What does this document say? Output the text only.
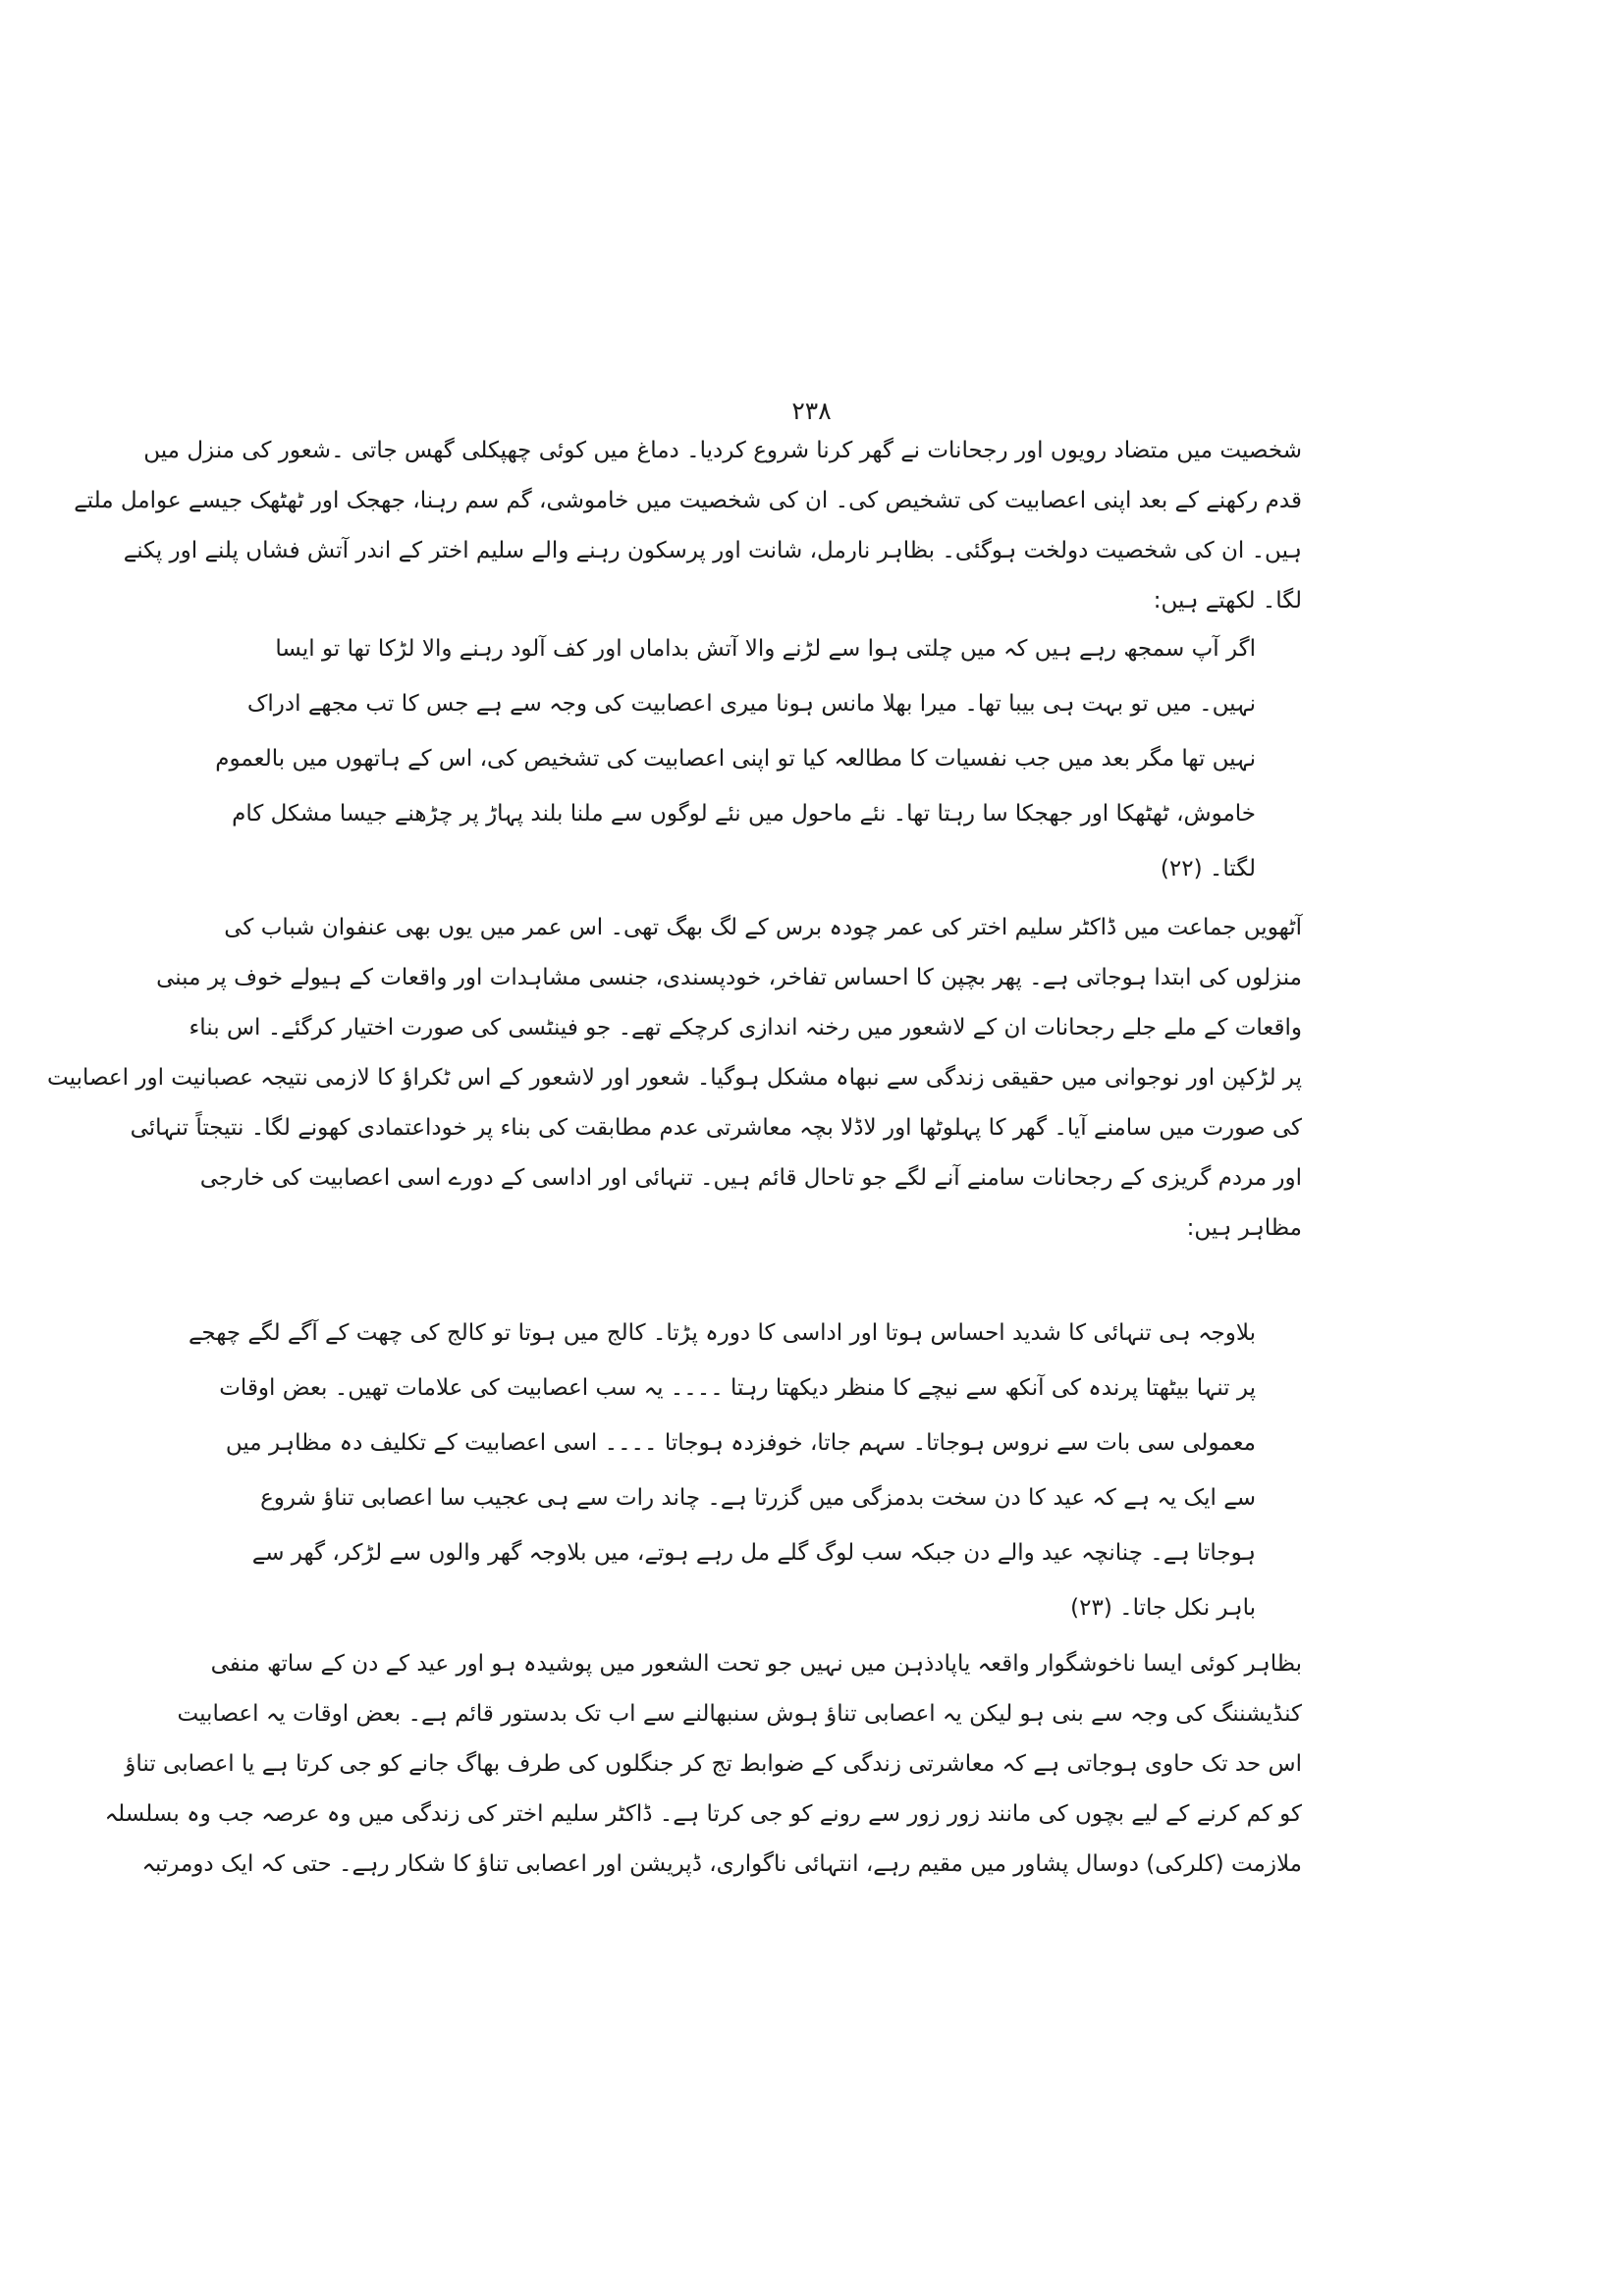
۲۳۸
شخصیت میں متضاد رویوں اور رجحانات نے گھر کرنا شروع کردیا۔ دماغ میں کوئی چھپکلی گھس جاتی ۔شعور کی منزل میں
قدم رکھنے کے بعد اپنی اعصابیت کی تشخیص کی۔ ان کی شخصیت میں خاموشی، گم سم رہنا، جھجک اور ٹھٹھک جیسے عوامل ملتے
ہیں۔ ان کی شخصیت دولخت ہوگئی۔ بظاہر نارمل، شانت اور پرسکون رہنے والے سلیم اختر کے اندر آتش فشاں پلنے اور پکنے
لگا۔ لکھتے ہیں:
اگر آپ سمجھ رہے ہیں کہ میں چلتی ہوا سے لڑنے والا آتش بداماں اور کف آلود رہنے والا لڑکا تھا تو ایسا
نہیں۔ میں تو بہت ہی بیبا تھا۔ میرا بھلا مانس ہونا میری اعصابیت کی وجہ سے ہے جس کا تب مجھے ادراک
نہیں تھا مگر بعد میں جب نفسیات کا مطالعہ کیا تو اپنی اعصابیت کی تشخیص کی، اس کے ہاتھوں میں بالعموم
خاموش، ٹھٹھکا اور جھجکا سا رہتا تھا۔ نئے ماحول میں نئے لوگوں سے ملنا بلند پہاڑ پر چڑھنے جیسا مشکل کام
لگتا۔ (۲۲)
آٹھویں جماعت میں ڈاکٹر سلیم اختر کی عمر چودہ برس کے لگ بھگ تھی۔ اس عمر میں یوں بھی عنفوان شباب کی
منزلوں کی ابتدا ہوجاتی ہے۔ پھر بچپن کا احساس تفاخر، خودپسندی، جنسی مشاہدات اور واقعات کے ہیولے خوف پر مبنی
واقعات کے ملے جلے رجحانات ان کے لاشعور میں رخنہ اندازی کرچکے تھے۔ جو فینٹسی کی صورت اختیار کرگئے۔ اس بناء
پر لڑکپن اور نوجوانی میں حقیقی زندگی سے نبھاہ مشکل ہوگیا۔ شعور اور لاشعور کے اس ٹکراؤ کا لازمی نتیجہ عصبانیت اور اعصابیت
کی صورت میں سامنے آیا۔ گھر کا پہلوٹھا اور لاڈلا بچہ معاشرتی عدم مطابقت کی بناء پر خوداعتمادی کھونے لگا۔ نتیجتاً تنہائی
اور مردم گریزی کے رجحانات سامنے آنے لگے جو تاحال قائم ہیں۔ تنہائی اور اداسی کے دورے اسی اعصابیت کی خارجی
مظاہر ہیں:
بلاوجہ ہی تنہائی کا شدید احساس ہوتا اور اداسی کا دورہ پڑتا۔ کالج میں ہوتا تو کالج کی چھت کے آگے لگے چھجے
پر تنہا بیٹھتا پرندہ کی آنکھ سے نیچے کا منظر دیکھتا رہتا ۔۔۔۔ یہ سب اعصابیت کی علامات تھیں۔ بعض اوقات
معمولی سی بات سے نروس ہوجاتا۔ سہم جاتا، خوفزدہ ہوجاتا ۔۔۔۔ اسی اعصابیت کے تکلیف دہ مظاہر میں
سے ایک یہ ہے کہ عید کا دن سخت بدمزگی میں گزرتا ہے۔ چاند رات سے ہی عجیب سا اعصابی تناؤ شروع
ہوجاتا ہے۔ چنانچہ عید والے دن جبکہ سب لوگ گلے مل رہے ہوتے، میں بلاوجہ گھر والوں سے لڑکر، گھر سے
باہر نکل جاتا۔ (۲۳)
بظاہر کوئی ایسا ناخوشگوار واقعہ یاپادذہن میں نہیں جو تحت الشعور میں پوشیدہ ہو اور عید کے دن کے ساتھ منفی
کنڈیشننگ کی وجہ سے بنی ہو لیکن یہ اعصابی تناؤ ہوش سنبھالنے سے اب تک بدستور قائم ہے۔ بعض اوقات یہ اعصابیت
اس حد تک حاوی ہوجاتی ہے کہ معاشرتی زندگی کے ضوابط تج کر جنگلوں کی طرف بھاگ جانے کو جی کرتا ہے یا اعصابی تناؤ
کو کم کرنے کے لیے بچوں کی مانند زور زور سے رونے کو جی کرتا ہے۔ ڈاکٹر سلیم اختر کی زندگی میں وہ عرصہ جب وہ بسلسلہ
ملازمت (کلرکی) دوسال پشاور میں مقیم رہے، انتہائی ناگواری، ڈپریشن اور اعصابی تناؤ کا شکار رہے۔ حتی کہ ایک دومرتبہ
